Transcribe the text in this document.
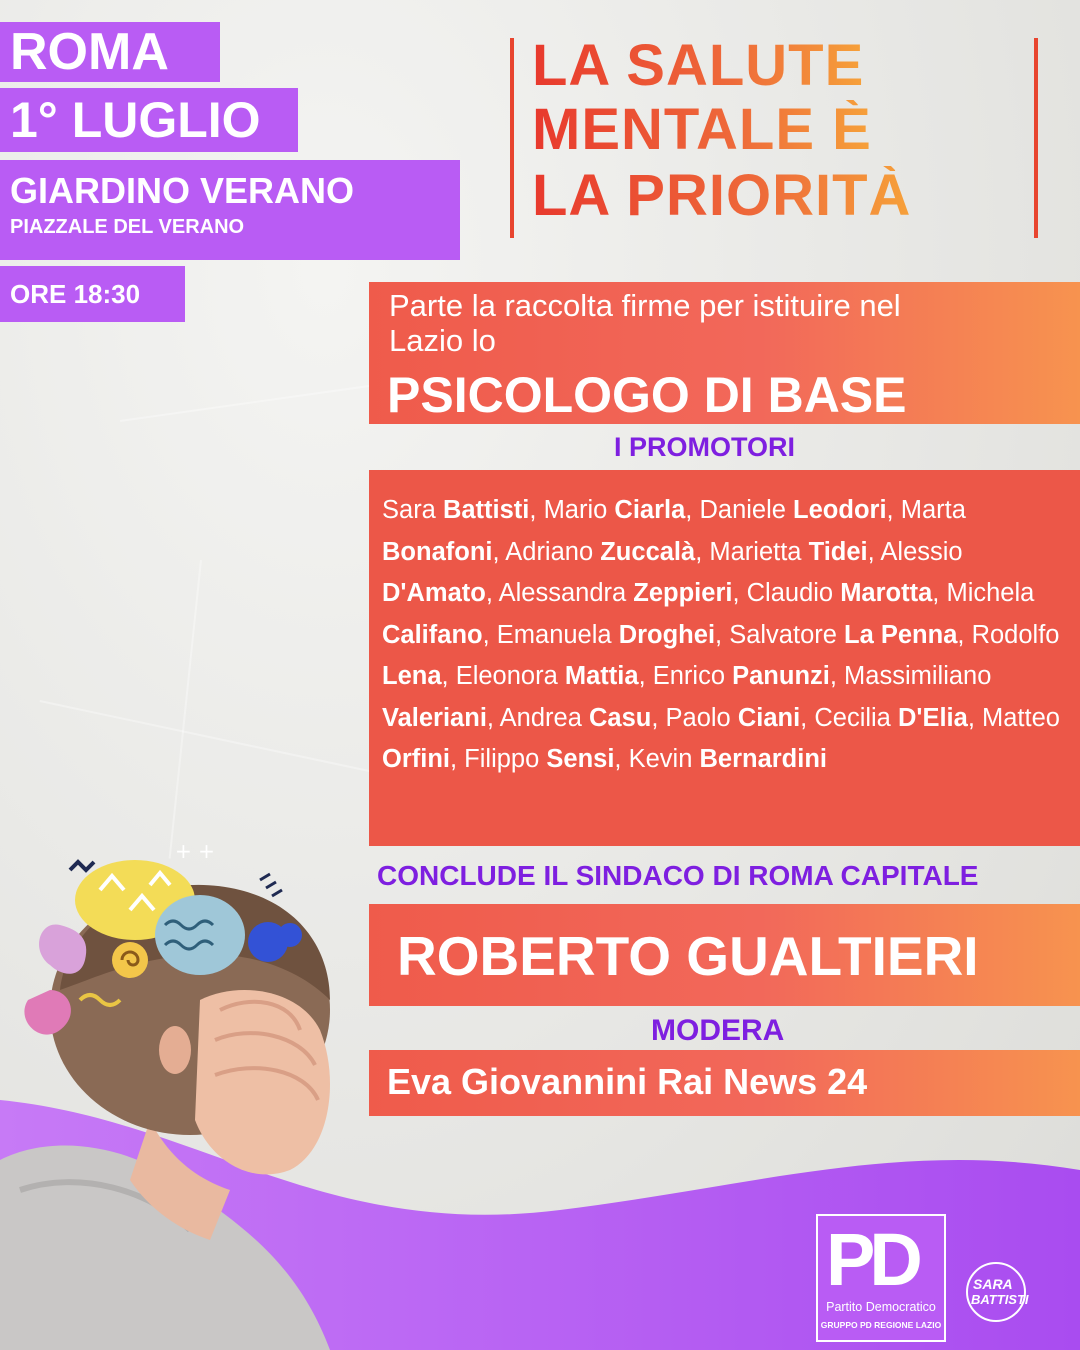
ROMA
1° LUGLIO
GIARDINO VERANO
PIAZZALE DEL VERANO
ORE 18:30
LA SALUTE
MENTALE È
LA PRIORITÀ
Parte la raccolta firme per istituire nel Lazio lo
PSICOLOGO DI BASE
I PROMOTORI
Sara Battisti, Mario Ciarla, Daniele Leodori, Marta Bonafoni, Adriano Zuccalà, Marietta Tidei, Alessio D'Amato, Alessandra Zeppieri, Claudio Marotta, Michela Califano, Emanuela Droghei, Salvatore La Penna, Rodolfo Lena, Eleonora Mattia, Enrico Panunzi, Massimiliano Valeriani, Andrea Casu, Paolo Ciani, Cecilia D'Elia, Matteo Orfini, Filippo Sensi, Kevin Bernardini
CONCLUDE IL SINDACO DI ROMA CAPITALE
ROBERTO GUALTIERI
MODERA
Eva Giovannini Rai News 24
+ +
PD
Partito Democratico
GRUPPO PD REGIONE LAZIO
SARA
BATTISTI
